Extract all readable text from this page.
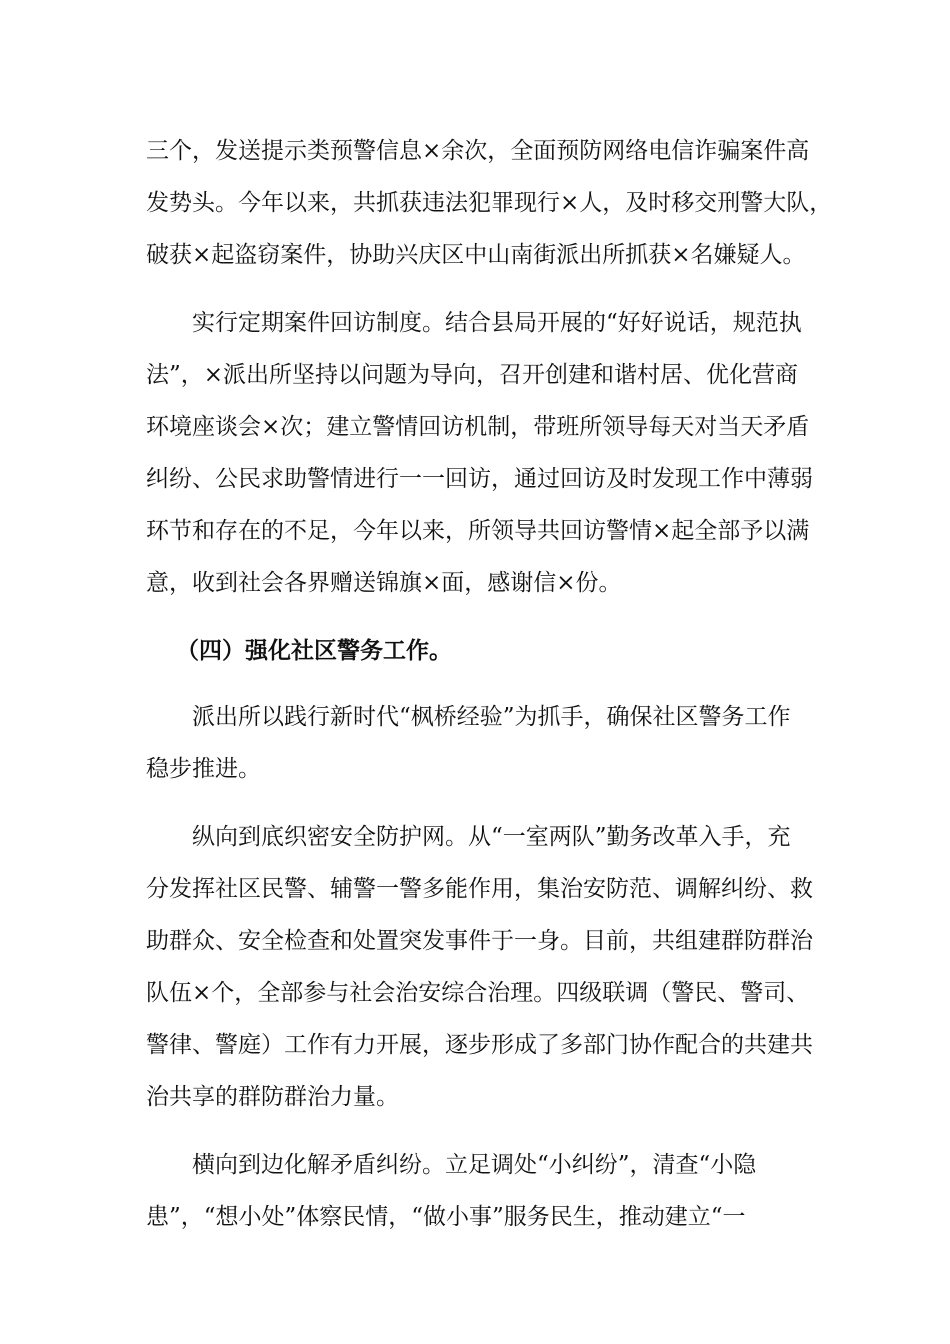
三个，发送提示类预警信息×余次，全面预防网络电信诈骗案件高
发势头。今年以来，共抓获违法犯罪现行×人，及时移交刑警大队，
破获×起盗窃案件，协助兴庆区中山南街派出所抓获×名嫌疑人。
实行定期案件回访制度。结合县局开展的“好好说话，规范执
法”，×派出所坚持以问题为导向，召开创建和谐村居、优化营商
环境座谈会×次；建立警情回访机制，带班所领导每天对当天矛盾
纠纷、公民求助警情进行一一回访，通过回访及时发现工作中薄弱
环节和存在的不足，今年以来，所领导共回访警情×起全部予以满
意，收到社会各界赠送锦旗×面，感谢信×份。
（四）强化社区警务工作。
派出所以践行新时代“枫桥经验”为抓手，确保社区警务工作
稳步推进。
纵向到底织密安全防护网。从“一室两队”勤务改革入手，充
分发挥社区民警、辅警一警多能作用，集治安防范、调解纠纷、救
助群众、安全检查和处置突发事件于一身。目前，共组建群防群治
队伍×个，全部参与社会治安综合治理。四级联调（警民、警司、
警律、警庭）工作有力开展，逐步形成了多部门协作配合的共建共
治共享的群防群治力量。
横向到边化解矛盾纠纷。立足调处“小纠纷”，清查“小隐
患”，“想小处”体察民情，“做小事”服务民生，推动建立“一
